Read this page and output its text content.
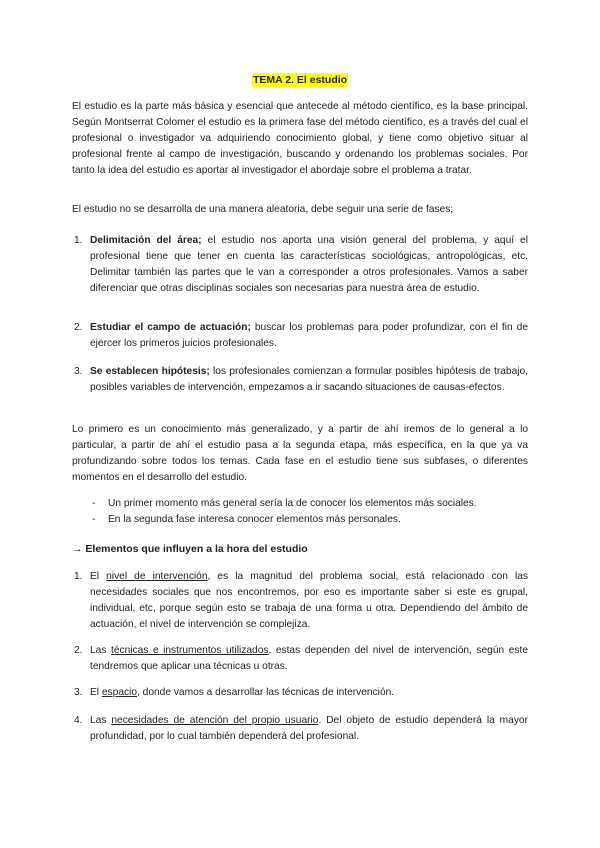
TEMA 2. El estudio

El estudio es la parte más básica y esencial que antecede al método científico, es la base principal. Según Montserrat Colomer el estudio es la primera fase del método científico, es a través del cual el profesional o investigador va adquiriendo conocimiento global, y tiene como objetivo situar al profesional frente al campo de investigación, buscando y ordenando los problemas sociales. Por tanto la idea del estudio es aportar al investigador el abordaje sobre el problema a tratar.

El estudio no se desarrolla de una manera aleatoria, debe seguir una serie de fases;

1. Delimitación del área; el estudio nos aporta una visión general del problema, y aquí el profesional tiene que tener en cuenta las características sociológicas, antropológicas, etc. Delimitar también las partes que le van a corresponder a otros profesionales. Vamos a saber diferenciar que otras disciplinas sociales son necesarias para nuestra área de estudio.
2. Estudiar el campo de actuación; buscar los problemas para poder profundizar, con el fin de ejercer los primeros juicios profesionales.
3. Se establecen hipótesis; los profesionales comienzan a formular posibles hipótesis de trabajo, posibles variables de intervención, empezamos a ir sacando situaciones de causas-efectos.

Lo primero es un conocimiento más generalizado, y a partir de ahí iremos de lo general a lo particular, a partir de ahí el estudio pasa a la segunda etapa, más específica, en la que ya va profundizando sobre todos los temas. Cada fase en el estudio tiene sus subfases, o diferentes momentos en el desarrollo del estudio.

- Un primer momento más general sería la de conocer los elementos más sociales.
- En la segunda fase interesa conocer elementos más personales.
→ Elementos que influyen a la hora del estudio
1. El nivel de intervención, es la magnitud del problema social, está relacionado con las necesidades sociales que nos encontremos, por eso es importante saber si este es grupal, individual, etc, porque según esto se trabaja de una forma u otra. Dependiendo del ámbito de actuación, el nivel de intervención se complejiza.
2. Las técnicas e instrumentos utilizados, estas dependen del nivel de intervención, según este tendremos que aplicar una técnicas u otras.
3. El espacio, donde vamos a desarrollar las técnicas de intervención.
4. Las necesidades de atención del propio usuario. Del objeto de estudio dependerá la mayor profundidad, por lo cual también dependerá del profesional.
